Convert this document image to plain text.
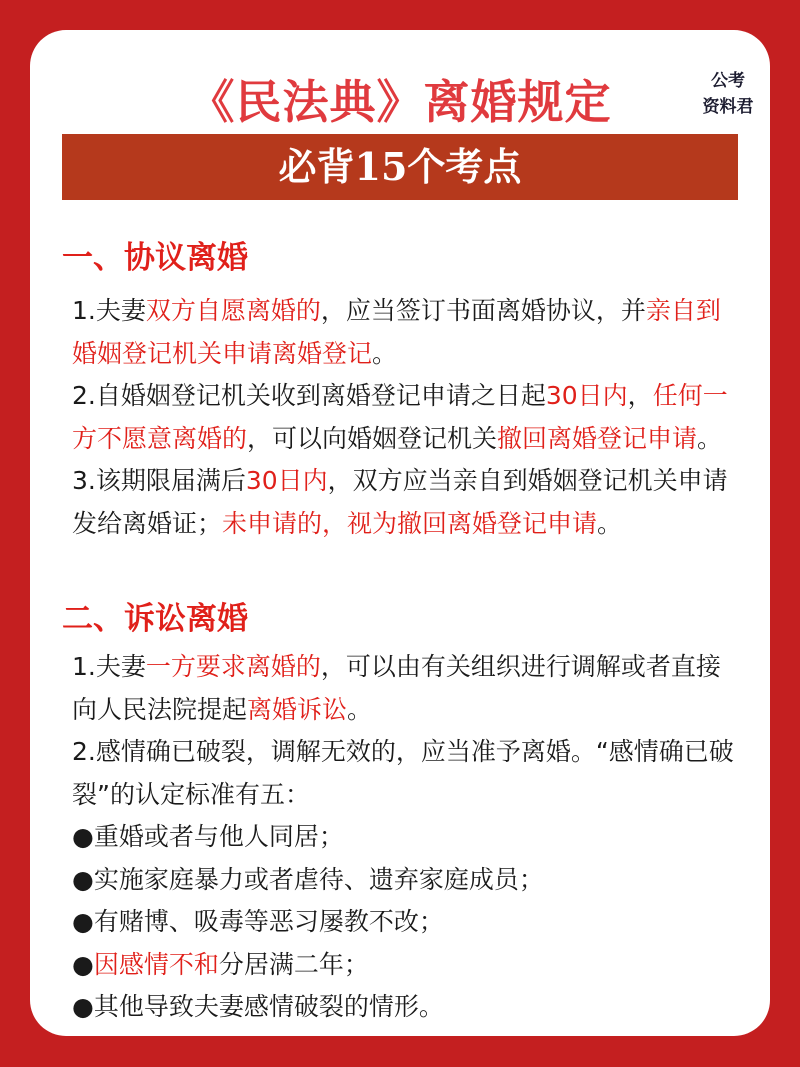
《民法典》离婚规定	公考
资料君
必背15个考点
一、协议离婚

1.夫妻双方自愿离婚的，应当签订书面离婚协议，并亲自到婚姻登记机关申请离婚登记。

2.自婚姻登记机关收到离婚登记申请之日起30日内，任何一方不愿意离婚的，可以向婚姻登记机关撤回离婚登记申请。

3.该期限届满后30日内，双方应当亲自到婚姻登记机关申请发给离婚证；未申请的，视为撤回离婚登记申请。

二、诉讼离婚

1.夫妻一方要求离婚的，可以由有关组织进行调解或者直接向人民法院提起离婚诉讼。

2.感情确已破裂，调解无效的，应当准予离婚。“感情确已破裂”的认定标准有五：

●重婚或者与他人同居；

●实施家庭暴力或者虐待、遗弃家庭成员；

●有赌博、吸毒等恶习屡教不改；

●因感情不和分居满二年；

●其他导致夫妻感情破裂的情形。
